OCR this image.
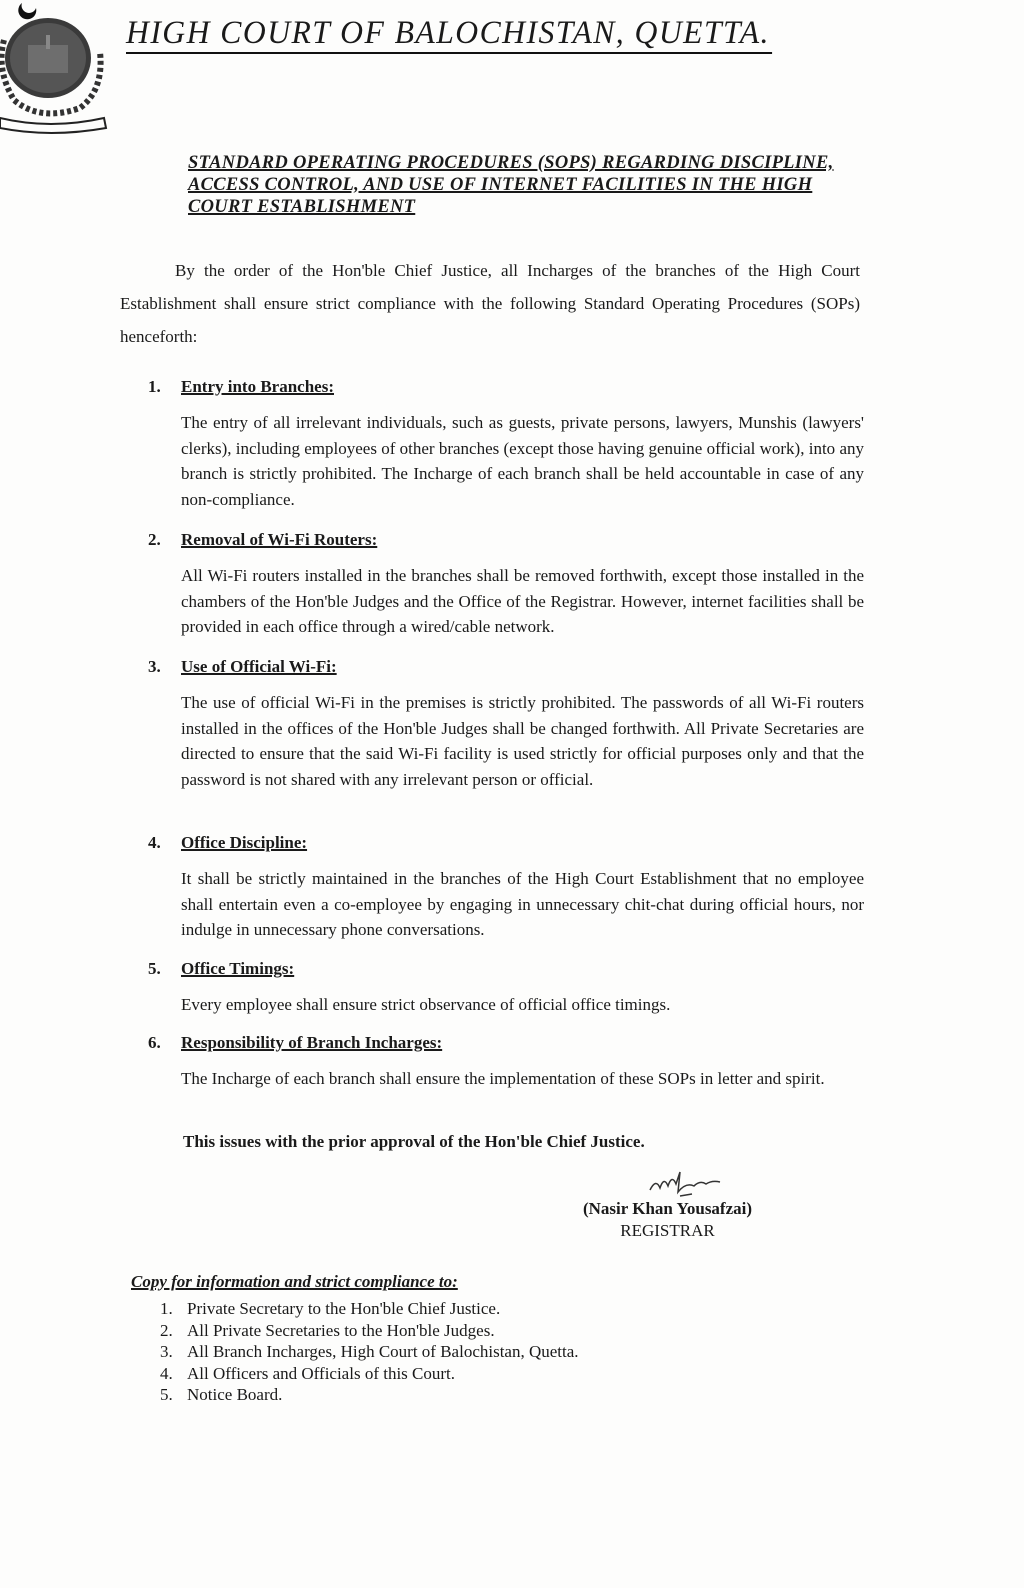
HIGH COURT OF BALOCHISTAN, QUETTA.
STANDARD OPERATING PROCEDURES (SOPS) REGARDING DISCIPLINE,
ACCESS CONTROL, AND USE OF INTERNET FACILITIES IN THE HIGH
COURT ESTABLISHMENT
By the order of the Hon'ble Chief Justice, all Incharges of the branches of the High Court Establishment shall ensure strict compliance with the following Standard Operating Procedures (SOPs) henceforth:
1. Entry into Branches:
The entry of all irrelevant individuals, such as guests, private persons, lawyers, Munshis (lawyers' clerks), including employees of other branches (except those having genuine official work), into any branch is strictly prohibited. The Incharge of each branch shall be held accountable in case of any non-compliance.
2. Removal of Wi-Fi Routers:
All Wi-Fi routers installed in the branches shall be removed forthwith, except those installed in the chambers of the Hon'ble Judges and the Office of the Registrar. However, internet facilities shall be provided in each office through a wired/cable network.
3. Use of Official Wi-Fi:
The use of official Wi-Fi in the premises is strictly prohibited. The passwords of all Wi-Fi routers installed in the offices of the Hon'ble Judges shall be changed forthwith. All Private Secretaries are directed to ensure that the said Wi-Fi facility is used strictly for official purposes only and that the password is not shared with any irrelevant person or official.
4. Office Discipline:
It shall be strictly maintained in the branches of the High Court Establishment that no employee shall entertain even a co-employee by engaging in unnecessary chit-chat during official hours, nor indulge in unnecessary phone conversations.
5. Office Timings:
Every employee shall ensure strict observance of official office timings.
6. Responsibility of Branch Incharges:
The Incharge of each branch shall ensure the implementation of these SOPs in letter and spirit.
This issues with the prior approval of the Hon'ble Chief Justice.
(Nasir Khan Yousafzai)
REGISTRAR
Copy for information and strict compliance to:
1. Private Secretary to the Hon'ble Chief Justice.
2. All Private Secretaries to the Hon'ble Judges.
3. All Branch Incharges, High Court of Balochistan, Quetta.
4. All Officers and Officials of this Court.
5. Notice Board.
